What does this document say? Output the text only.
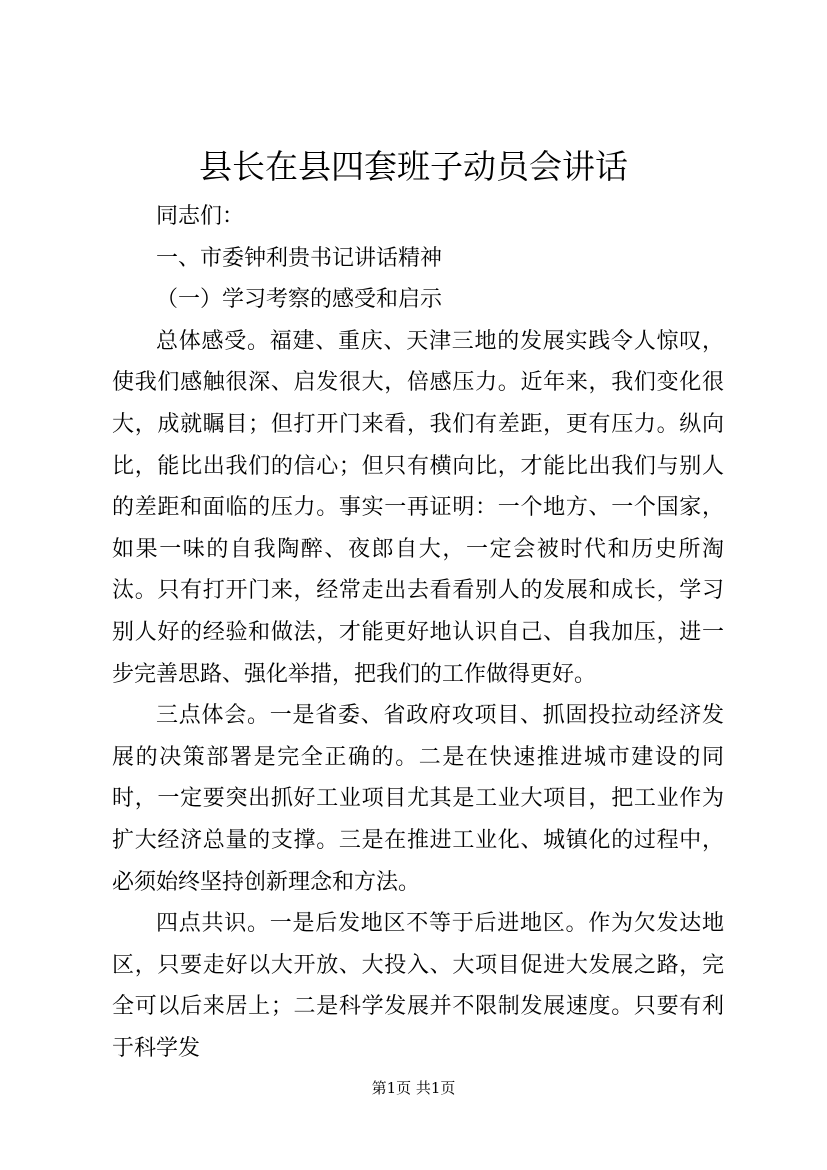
县长在县四套班子动员会讲话

同志们：

一、市委钟利贵书记讲话精神

（一）学习考察的感受和启示

总体感受。福建、重庆、天津三地的发展实践令人惊叹，使我们感触很深、启发很大，倍感压力。近年来，我们变化很大，成就瞩目；但打开门来看，我们有差距，更有压力。纵向比，能比出我们的信心；但只有横向比，才能比出我们与别人的差距和面临的压力。事实一再证明：一个地方、一个国家，如果一味的自我陶醉、夜郎自大，一定会被时代和历史所淘汰。只有打开门来，经常走出去看看别人的发展和成长，学习别人好的经验和做法，才能更好地认识自己、自我加压，进一步完善思路、强化举措，把我们的工作做得更好。

三点体会。一是省委、省政府攻项目、抓固投拉动经济发展的决策部署是完全正确的。二是在快速推进城市建设的同时，一定要突出抓好工业项目尤其是工业大项目，把工业作为扩大经济总量的支撑。三是在推进工业化、城镇化的过程中，必须始终坚持创新理念和方法。

四点共识。一是后发地区不等于后进地区。作为欠发达地区，只要走好以大开放、大投入、大项目促进大发展之路，完全可以后来居上；二是科学发展并不限制发展速度。只要有利于科学发

第1页 共1页
